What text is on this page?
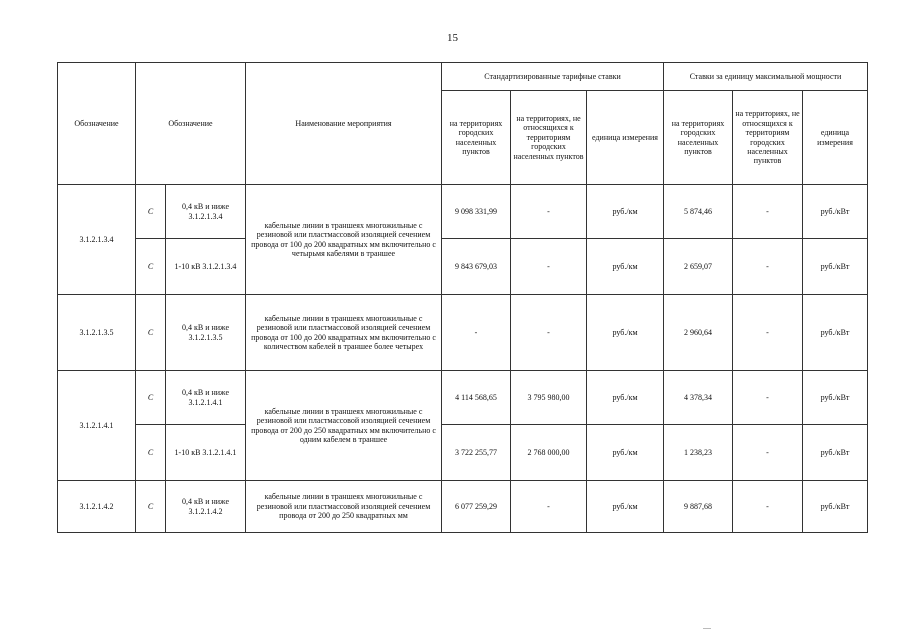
15
Обозначение	Обозначение		Наименование мероприятия	Стандартизированные тарифные ставки			Ставки за единицу максимальной мощности		
				на территориях городских населенных пунктов	на территориях, не относящихся к территориям городских населенных пунктов	единица измерения	на территориях городских населенных пунктов	на территориях, не относящихся к территориям городских населенных пунктов	единица измерения
3.1.2.1.3.4	С	0,4 кВ и ниже 3.1.2.1.3.4	кабельные линии в траншеях многожильные с резиновой или пластмассовой изоляцией сечением провода от 100 до 200 квадратных мм включительно с четырьмя кабелями в траншее	9 098 331,99	-	руб./км	5 874,46	-	руб./кВт
	С	1-10 кВ 3.1.2.1.3.4		9 843 679,03	-	руб./км	2 659,07	-	руб./кВт
3.1.2.1.3.5	С	0,4 кВ и ниже 3.1.2.1.3.5	кабельные линии в траншеях многожильные с резиновой или пластмассовой изоляцией сечением провода от 100 до 200 квадратных мм включительно с количеством кабелей в траншее более четырех	-	-	руб./км	2 960,64	-	руб./кВт
3.1.2.1.4.1	С	0,4 кВ и ниже 3.1.2.1.4.1	кабельные линии в траншеях многожильные с резиновой или пластмассовой изоляцией сечением провода от 200 до 250 квадратных мм включительно с одним кабелем в траншее	4 114 568,65	3 795 980,00	руб./км	4 378,34	-	руб./кВт
	С	1-10 кВ 3.1.2.1.4.1		3 722 255,77	2 768 000,00	руб./км	1 238,23	-	руб./кВт
3.1.2.1.4.2	С	0,4 кВ и ниже 3.1.2.1.4.2	кабельные линии в траншеях многожильные с резиновой или пластмассовой изоляцией сечением провода от 200 до 250 квадратных мм	6 077 259,29	-	руб./км	9 887,68	-	руб./кВт
